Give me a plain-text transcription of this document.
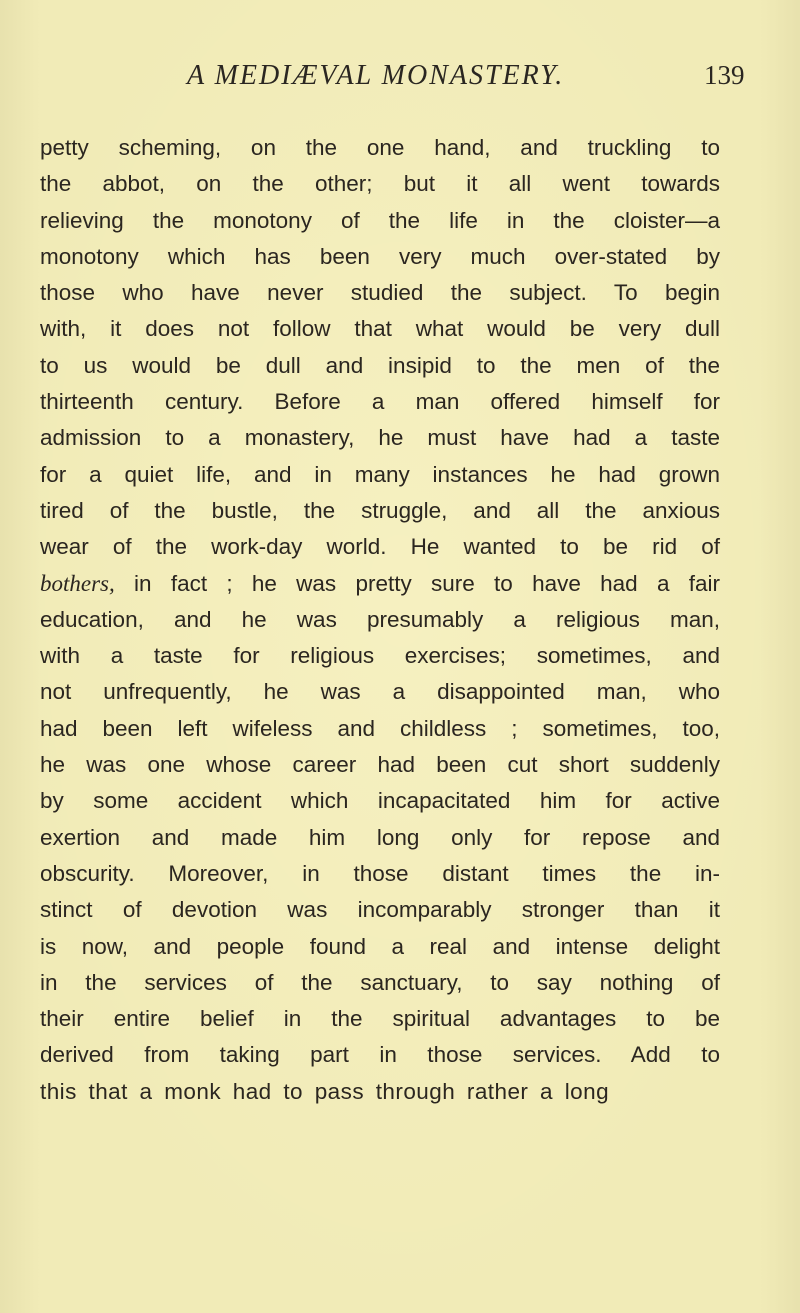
A MEDIÆVAL MONASTERY.	139
petty scheming, on the one hand, and truckling to
the abbot, on the other; but it all went towards
relieving the monotony of the life in the cloister—a
monotony which has been very much over-stated by
those who have never studied the subject. To begin
with, it does not follow that what would be very dull
to us would be dull and insipid to the men of the
thirteenth century. Before a man offered himself for
admission to a monastery, he must have had a taste
for a quiet life, and in many instances he had grown
tired of the bustle, the struggle, and all the anxious
wear of the work-day world. He wanted to be rid of
bothers, in fact ; he was pretty sure to have had a fair
education, and he was presumably a religious man,
with a taste for religious exercises; sometimes, and
not unfrequently, he was a disappointed man, who
had been left wifeless and childless ; sometimes, too,
he was one whose career had been cut short suddenly
by some accident which incapacitated him for active
exertion and made him long only for repose and
obscurity. Moreover, in those distant times the in-
stinct of devotion was incomparably stronger than it
is now, and people found a real and intense delight
in the services of the sanctuary, to say nothing of
their entire belief in the spiritual advantages to be
derived from taking part in those services. Add to
this that a monk had to pass through rather a long
